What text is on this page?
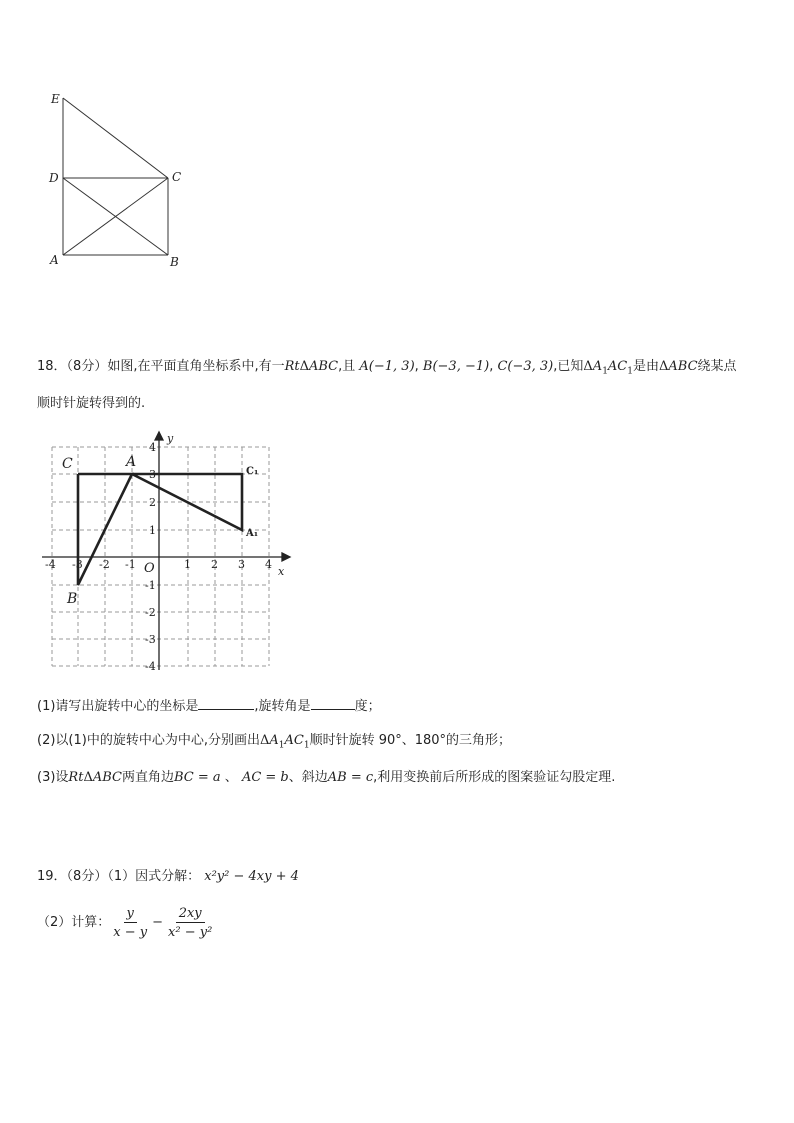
E
D	C
A	B
18．（8分）如图,在平面直角坐标系中,有一RtΔABC,且 A(−1, 3), B(−3, −1), C(−3, 3),已知$\Delta A_1AC_1$是由ΔABC绕某点
顺时针旋转得到的.
x
y
O
-4 -3 -2 -1	1 2 3 4
4
3
2
1
-1
-2
-3
-4
C	A
B
C₁
A₁
(1)请写出旋转中心的坐标是	,旋转角是	度；
(2)以(1)中的旋转中心为中心,分别画出$\Delta A_1AC_1$顺时针旋转 90°、180°的三角形；
(3)设RtΔABC两直角边BC = a 、 AC = b、斜边AB = c,利用变换前后所形成的图案验证勾股定理.
19．（8分）（1）因式分解： x²y² − 4xy + 4
（2）计算： $\frac{y}{x - y} - \frac{2xy}{\text{x² − y²}}$
